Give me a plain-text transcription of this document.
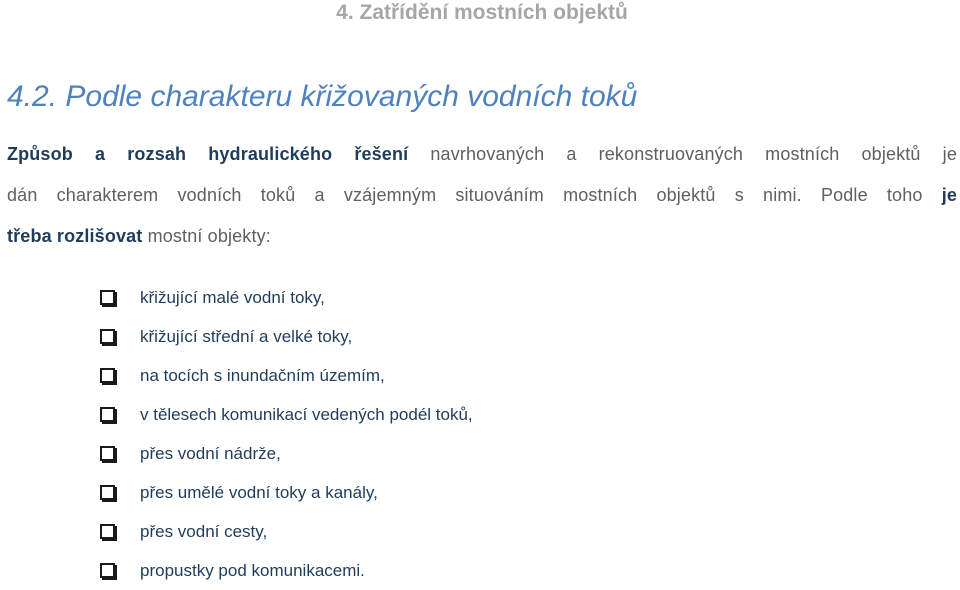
4. Zatřídění mostních objektů
4.2. Podle charakteru křižovaných vodních toků
Způsob a rozsah hydraulického řešení navrhovaných a rekonstruovaných mostních objektů je
dán charakterem vodních toků a vzájemným situováním mostních objektů s nimi. Podle toho je
třeba rozlišovat mostní objekty:
křižující malé vodní toky,
křižující střední a velké toky,
na tocích s inundačním územím,
v tělesech komunikací vedených podél toků,
přes vodní nádrže,
přes umělé vodní toky a kanály,
přes vodní cesty,
propustky pod komunikacemi.
